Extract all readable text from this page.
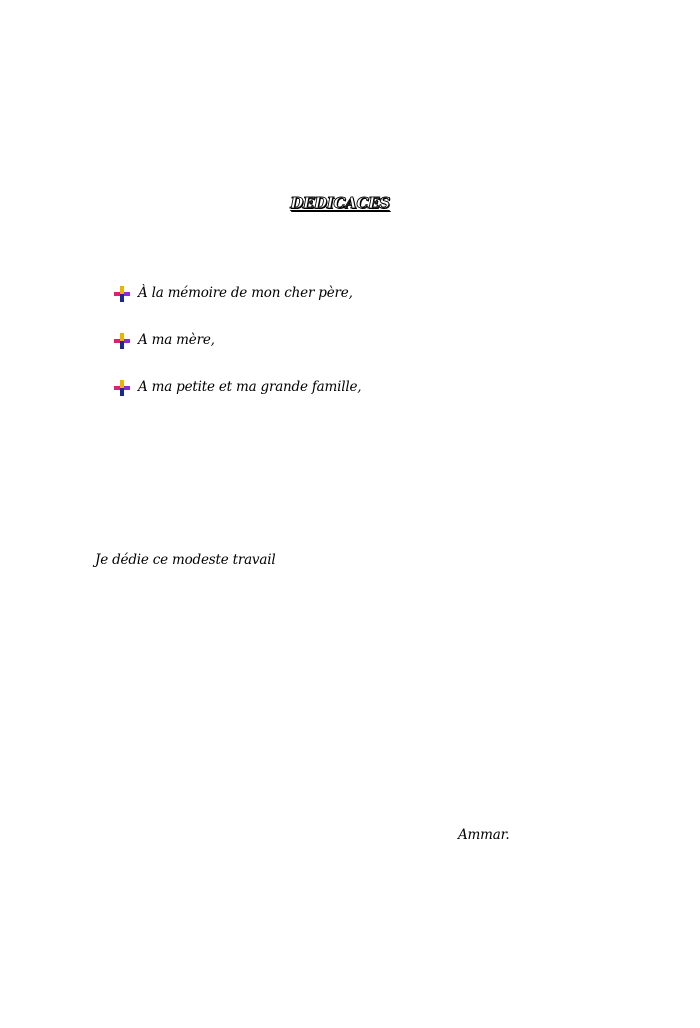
DEDICACES
À la mémoire de mon cher père,
A ma mère,
A ma petite et ma grande famille,
Je dédie ce modeste travail
Ammar.
